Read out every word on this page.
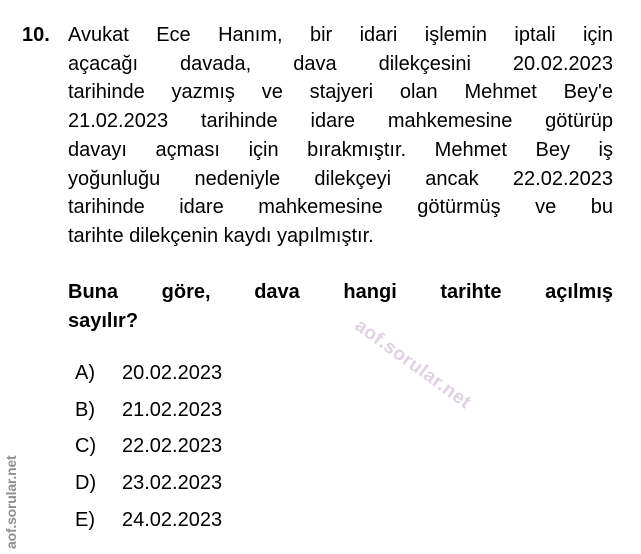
aof.sorular.net
aof.sorular.net
10. Avukat Ece Hanım, bir idari işlemin iptali için
açacağı davada, dava dilekçesini 20.02.2023
tarihinde yazmış ve stajyeri olan Mehmet Bey'e
21.02.2023 tarihinde idare mahkemesine götürüp
davayı açması için bırakmıştır. Mehmet Bey iş
yoğunluğu nedeniyle dilekçeyi ancak 22.02.2023
tarihinde idare mahkemesine götürmüş ve bu
tarihte dilekçenin kaydı yapılmıştır.
Buna göre, dava hangi tarihte açılmış
sayılır?
A)	20.02.2023
B)	21.02.2023
C)	22.02.2023
D)	23.02.2023
E)	24.02.2023
